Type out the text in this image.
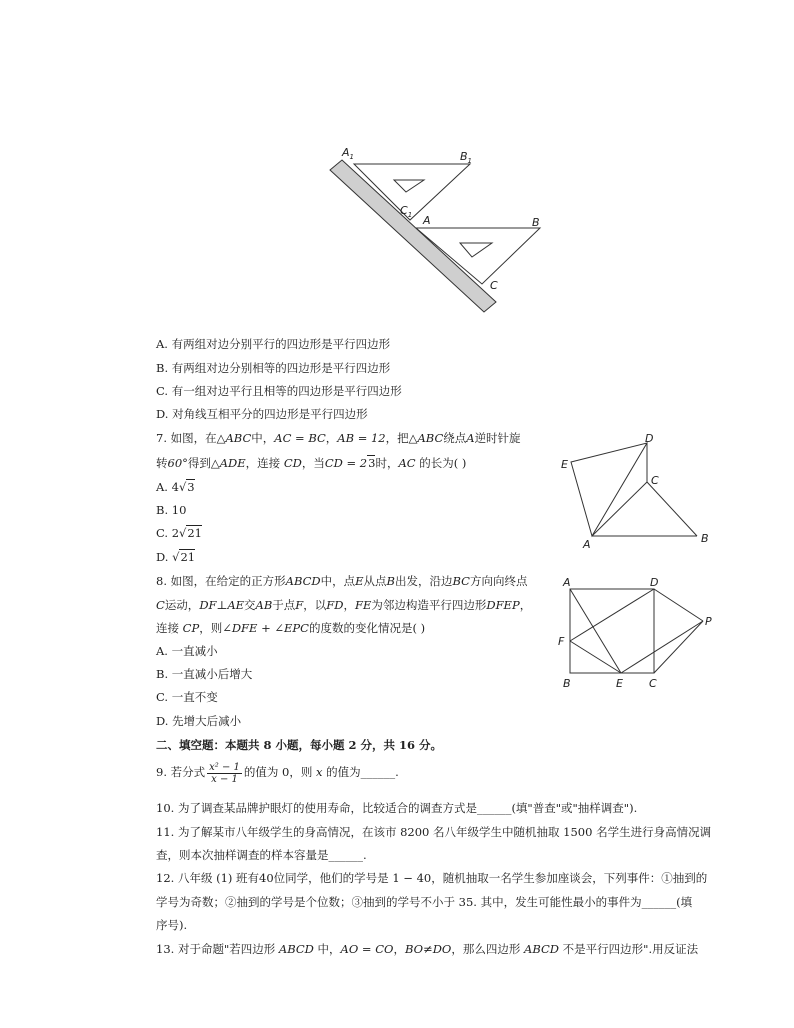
$A_1$	$B_1$
$C_1$ A	B
C
A. 有两组对边分别平行的四边形是平行四边形
B. 有两组对边分别相等的四边形是平行四边形
C. 有一组对边平行且相等的四边形是平行四边形
D. 对角线互相平分的四边形是平行四边形
7. 如图，在△ABC中，AC = BC，AB = 12，把△ABC绕点A逆时针旋
转60°得到△ADE，连接 CD，当CD = 23时，AC 的长为( )
A. 4√3
B. 10
C. 2√21
D. √21
D
E
C
A	B
8. 如图，在给定的正方形ABCD中，点E从点B出发，沿边BC方向向终点
C运动，DF⊥AE交AB于点F，以FD，FE为邻边构造平行四边形DFEP，
连接 CP，则∠DFE + ∠EPC的度数的变化情况是( )
A. 一直减小
B. 一直减小后增大
C. 一直不变
D. 先增大后减小
A	D
P
F
B	E C
二、填空题：本题共 8 小题，每小题 2 分，共 16 分。
9. 若分式 $\frac{\text{x² − 1}}{x - 1}$ 的值为 0，则 x 的值为______.
10. 为了调查某品牌护眼灯的使用寿命，比较适合的调查方式是______(填"普查"或"抽样调查").
11. 为了解某市八年级学生的身高情况，在该市 8200 名八年级学生中随机抽取 1500 名学生进行身高情况调
查，则本次抽样调查的样本容量是______.
12. 八年级 (1) 班有40位同学，他们的学号是 1 − 40，随机抽取一名学生参加座谈会，下列事件：①抽到的
学号为奇数；②抽到的学号是个位数；③抽到的学号不小于 35. 其中，发生可能性最小的事件为______(填
序号).
13. 对于命题"若四边形 ABCD 中，AO = CO，BO≠DO，那么四边形 ABCD 不是平行四边形".用反证法
